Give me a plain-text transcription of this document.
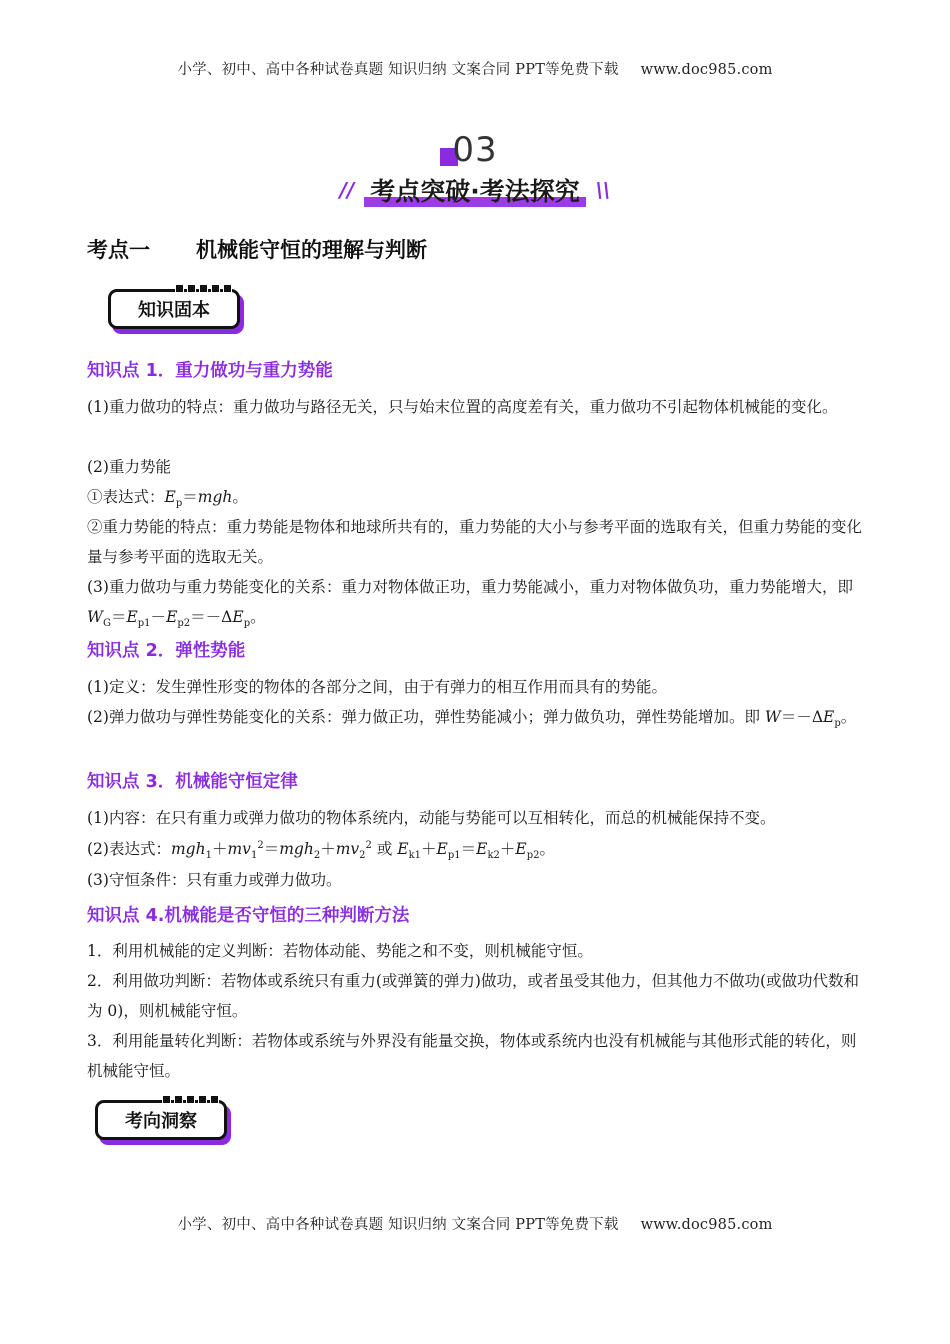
小学、初中、高中各种试卷真题 知识归纳 文案合同 PPT等免费下载 www.doc985.com
03
// 考点突破·考法探究 \\
考点一 机械能守恒的理解与判断
知识固本
知识点 1．重力做功与重力势能
(1)重力做功的特点：重力做功与路径无关，只与始末位置的高度差有关，重力做功不引起物体机械能的变化。
(2)重力势能
①表达式：$E_p=mgh$。
②重力势能的特点：重力势能是物体和地球所共有的，重力势能的大小与参考平面的选取有关，但重力势能的变化量与参考平面的选取无关。
(3)重力做功与重力势能变化的关系：重力对物体做正功，重力势能减小，重力对物体做负功，重力势能增大，即 $W_G=E_{p1}-E_{p2}=-\Delta E_p$。
知识点 2．弹性势能
(1)定义：发生弹性形变的物体的各部分之间，由于有弹力的相互作用而具有的势能。
(2)弹力做功与弹性势能变化的关系：弹力做正功，弹性势能减小；弹力做负功，弹性势能增加。即 $W=-\Delta E_p$。
知识点 3．机械能守恒定律
(1)内容：在只有重力或弹力做功的物体系统内，动能与势能可以互相转化，而总的机械能保持不变。
(2)表达式：$mgh_1+mv_1^2=mgh_2+mv_2^2$ 或 $E_{k1}+E_{p1}=E_{k2}+E_{p2}$。
(3)守恒条件：只有重力或弹力做功。
知识点 4.机械能是否守恒的三种判断方法
1．利用机械能的定义判断：若物体动能、势能之和不变，则机械能守恒。
2．利用做功判断：若物体或系统只有重力(或弹簧的弹力)做功，或者虽受其他力，但其他力不做功(或做功代数和为 0)，则机械能守恒。
3．利用能量转化判断：若物体或系统与外界没有能量交换，物体或系统内也没有机械能与其他形式能的转化，则机械能守恒。
考向洞察
小学、初中、高中各种试卷真题 知识归纳 文案合同 PPT等免费下载 www.doc985.com
